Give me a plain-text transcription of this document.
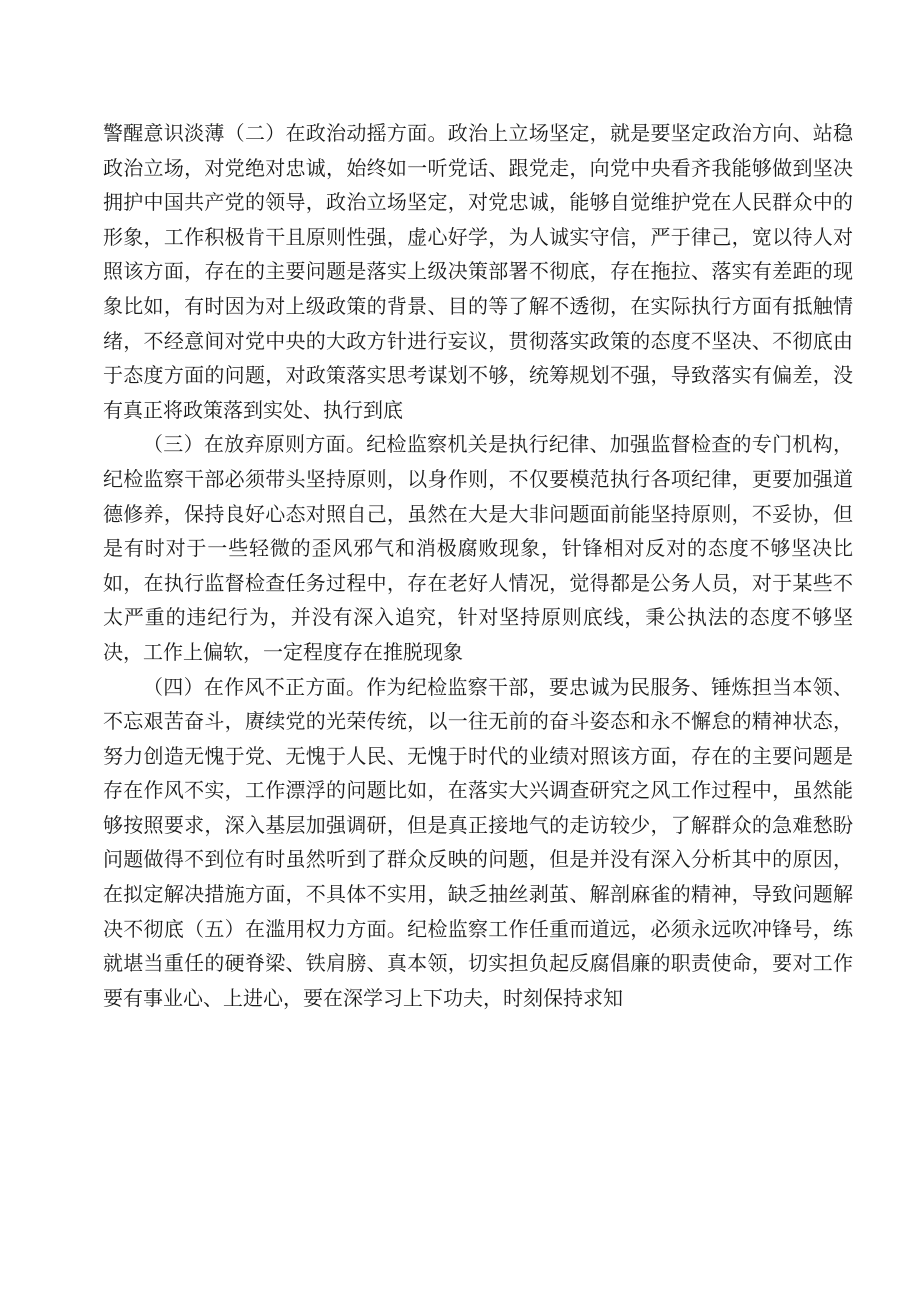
警醒意识淡薄（二）在政治动摇方面。政治上立场坚定，就是要坚定政治方向、站稳政治立场，对党绝对忠诚，始终如一听党话、跟党走，向党中央看齐我能够做到坚决拥护中国共产党的领导，政治立场坚定，对党忠诚，能够自觉维护党在人民群众中的形象，工作积极肯干且原则性强，虚心好学，为人诚实守信，严于律己，宽以待人对照该方面，存在的主要问题是落实上级决策部署不彻底，存在拖拉、落实有差距的现象比如，有时因为对上级政策的背景、目的等了解不透彻，在实际执行方面有抵触情绪，不经意间对党中央的大政方针进行妄议，贯彻落实政策的态度不坚决、不彻底由于态度方面的问题，对政策落实思考谋划不够，统筹规划不强，导致落实有偏差，没有真正将政策落到实处、执行到底

（三）在放弃原则方面。纪检监察机关是执行纪律、加强监督检查的专门机构，纪检监察干部必须带头坚持原则，以身作则，不仅要模范执行各项纪律，更要加强道德修养，保持良好心态对照自己，虽然在大是大非问题面前能坚持原则，不妥协，但是有时对于一些轻微的歪风邪气和消极腐败现象，针锋相对反对的态度不够坚决比如，在执行监督检查任务过程中，存在老好人情况，觉得都是公务人员，对于某些不太严重的违纪行为，并没有深入追究，针对坚持原则底线，秉公执法的态度不够坚决，工作上偏软，一定程度存在推脱现象

（四）在作风不正方面。作为纪检监察干部，要忠诚为民服务、锤炼担当本领、不忘艰苦奋斗，赓续党的光荣传统，以一往无前的奋斗姿态和永不懈怠的精神状态，努力创造无愧于党、无愧于人民、无愧于时代的业绩对照该方面，存在的主要问题是存在作风不实，工作漂浮的问题比如，在落实大兴调查研究之风工作过程中，虽然能够按照要求，深入基层加强调研，但是真正接地气的走访较少，了解群众的急难愁盼问题做得不到位有时虽然听到了群众反映的问题，但是并没有深入分析其中的原因，在拟定解决措施方面，不具体不实用，缺乏抽丝剥茧、解剖麻雀的精神，导致问题解决不彻底（五）在滥用权力方面。纪检监察工作任重而道远，必须永远吹冲锋号，练就堪当重任的硬脊梁、铁肩膀、真本领，切实担负起反腐倡廉的职责使命，要对工作要有事业心、上进心，要在深学习上下功夫，时刻保持求知
